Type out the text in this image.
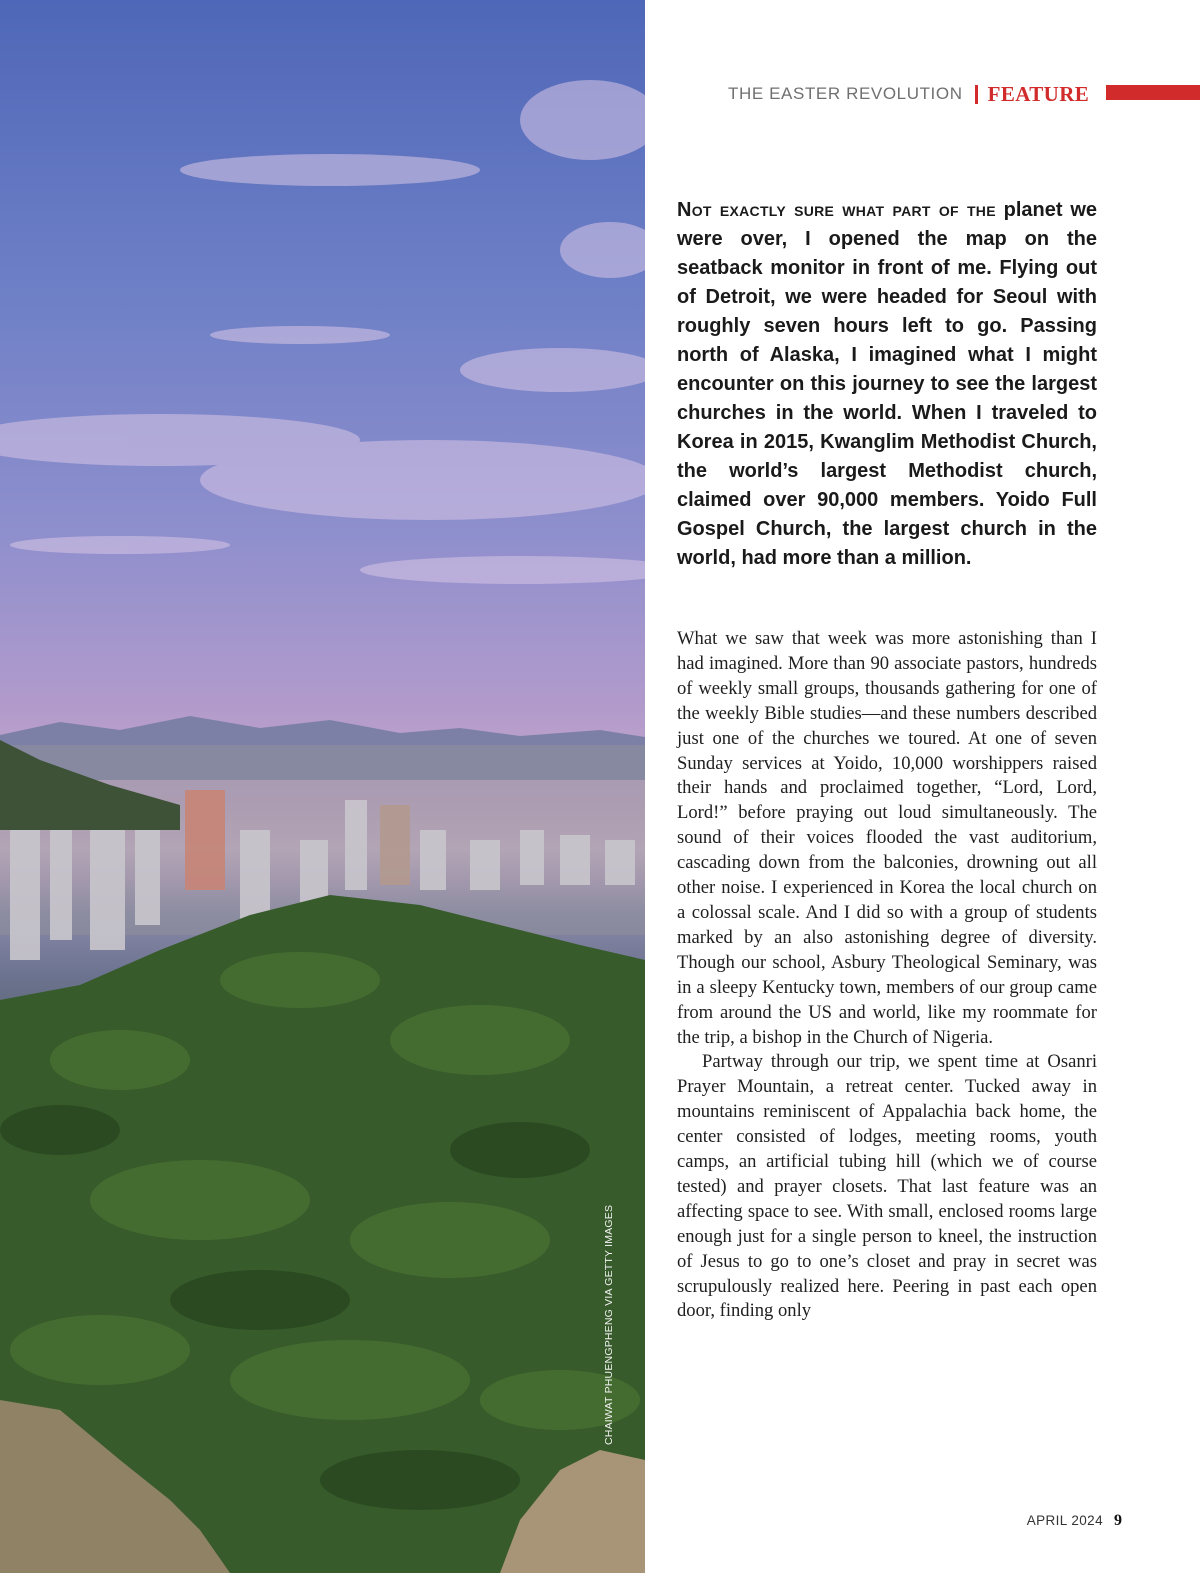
CHAIWAT PHUENGPHENG VIA GETTY IMAGES
THE EASTER REVOLUTION FEATURE

Not exactly sure what part of the planet we were over, I opened the map on the seatback monitor in front of me. Flying out of Detroit, we were headed for Seoul with roughly seven hours left to go. Passing north of Alaska, I imagined what I might encounter on this journey to see the largest churches in the world. When I traveled to Korea in 2015, Kwanglim Methodist Church, the world’s largest Methodist church, claimed over 90,000 members. Yoido Full Gospel Church, the largest church in the world, had more than a million.

What we saw that week was more astonishing than I had imagined. More than 90 associate pastors, hundreds of weekly small groups, thousands gathering for one of the weekly Bible studies—and these numbers described just one of the churches we toured. At one of seven Sunday services at Yoido, 10,000 worshippers raised their hands and proclaimed together, “Lord, Lord, Lord!” before praying out loud simultaneously. The sound of their voices flooded the vast auditorium, cascading down from the balconies, drowning out all other noise. I experienced in Korea the local church on a colossal scale. And I did so with a group of students marked by an also astonishing degree of diversity. Though our school, Asbury Theological Seminary, was in a sleepy Kentucky town, members of our group came from around the US and world, like my roommate for the trip, a bishop in the Church of Nigeria.

Partway through our trip, we spent time at Osanri Prayer Mountain, a retreat center. Tucked away in mountains reminiscent of Appalachia back home, the center consisted of lodges, meeting rooms, youth camps, an artificial tubing hill (which we of course tested) and prayer closets. That last feature was an affecting space to see. With small, enclosed rooms large enough just for a single person to kneel, the instruction of Jesus to go to one’s closet and pray in secret was scrupulously realized here. Peering in past each open door, finding only

APRIL 2024 9
